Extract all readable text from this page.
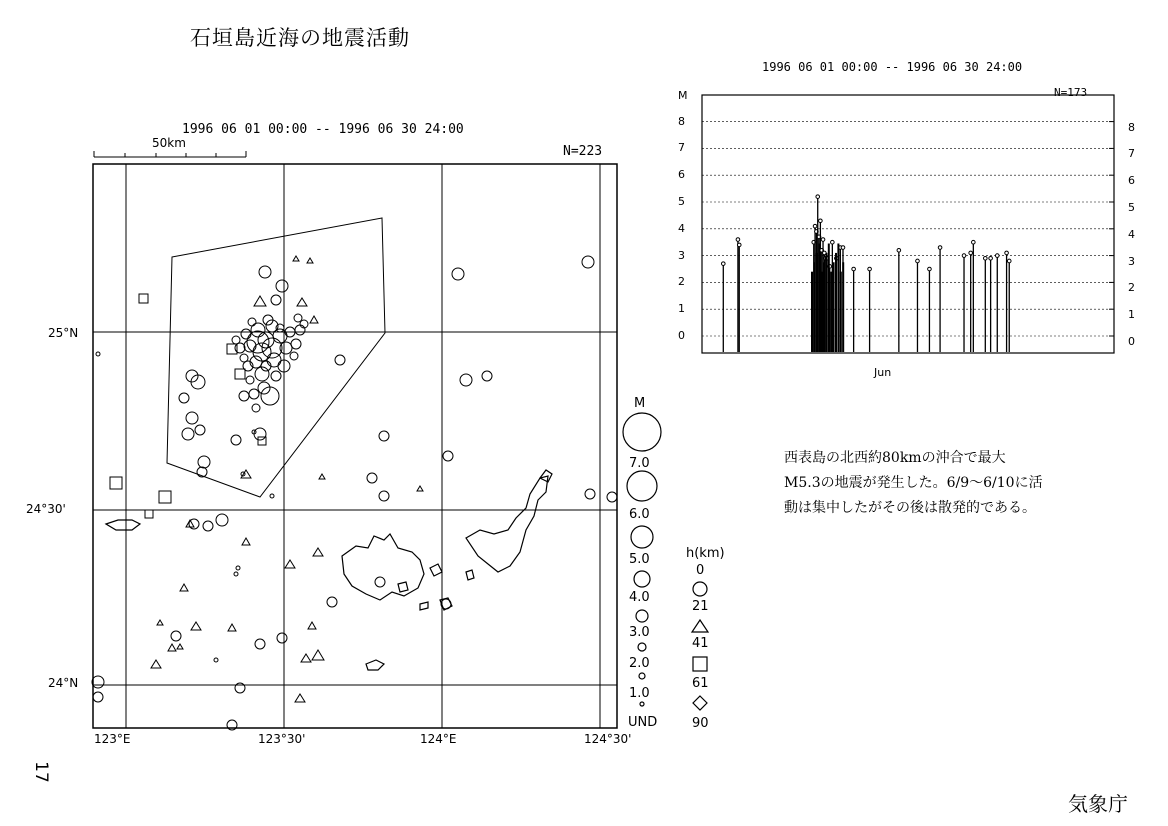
石垣島近海の地震活動
1996 06 01 00:00 -- 1996 06 30 24:00
N=223
50km
25°N
24°30'
24°N
123°E	123°30'	124°E	124°30'
M
7.0
6.0
5.0
4.0
3.0
2.0
1.0
UND
h(km)
0
21
41
61
90
1996 06 01 00:00 -- 1996 06 30 24:00
N=173
M
8
7
6
5
4
3
2
1
0
8
7
6
5
4
3
2
1
0
Jun
西表島の北西約80kmの沖合で最大
M5.3の地震が発生した。6/9～6/10に活
動は集中したがその後は散発的である。
17
気象庁
